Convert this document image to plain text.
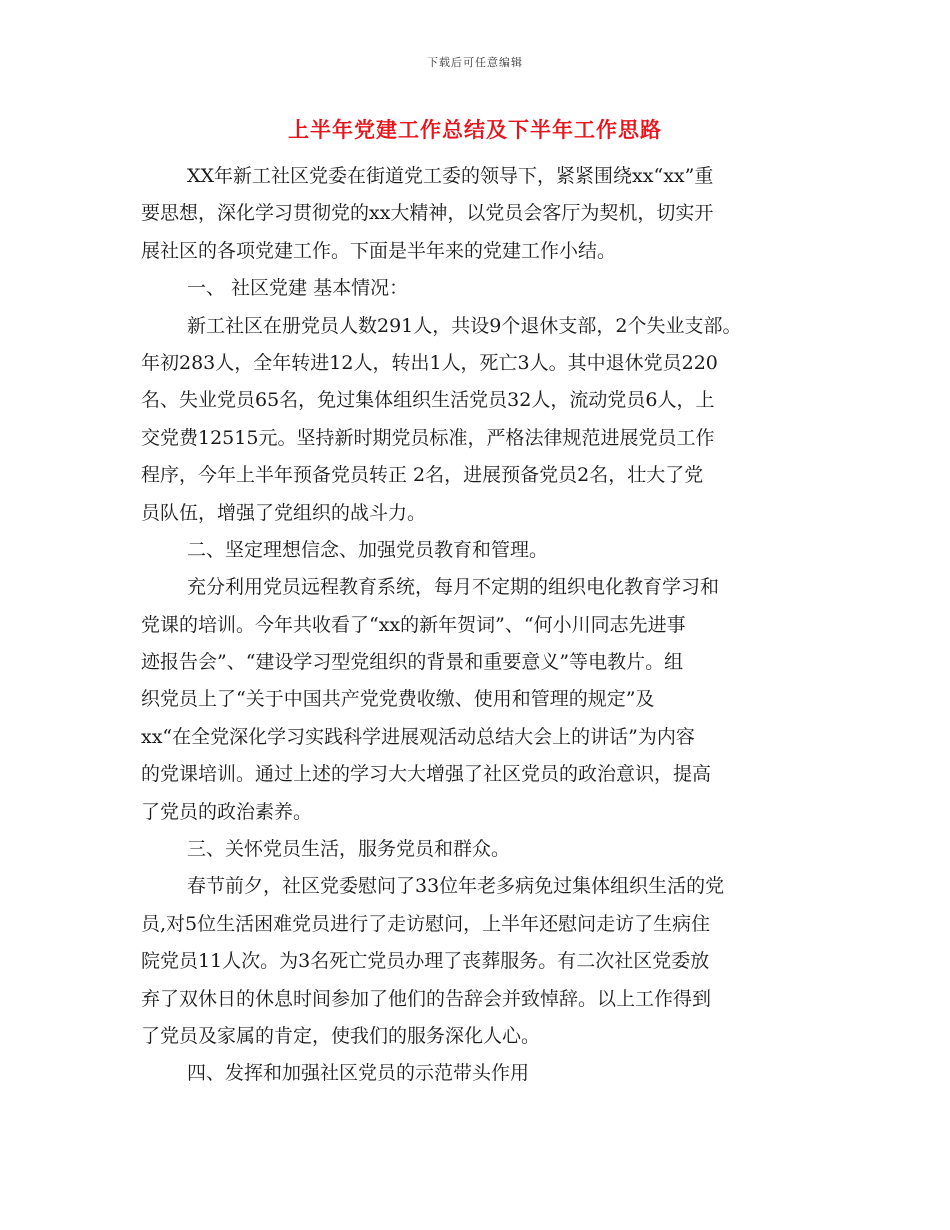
下载后可任意编辑
上半年党建工作总结及下半年工作思路
XX年新工社区党委在街道党工委的领导下，紧紧围绕xx“xx”重
要思想，深化学习贯彻党的xx大精神，以党员会客厅为契机，切实开
展社区的各项党建工作。下面是半年来的党建工作小结。
一、 社区党建 基本情况：
新工社区在册党员人数291人，共设9个退休支部，2个失业支部。
年初283人，全年转进12人，转出1人，死亡3人。其中退休党员220
名、失业党员65名，免过集体组织生活党员32人，流动党员6人，上
交党费12515元。坚持新时期党员标准，严格法律规范进展党员工作
程序，今年上半年预备党员转正 2名，进展预备党员2名，壮大了党
员队伍，增强了党组织的战斗力。
二、坚定理想信念、加强党员教育和管理。
充分利用党员远程教育系统，每月不定期的组织电化教育学习和
党课的培训。今年共收看了“xx的新年贺词”、“何小川同志先进事
迹报告会”、“建设学习型党组织的背景和重要意义”等电教片。组
织党员上了“关于中国共产党党费收缴、使用和管理的规定”及
xx“在全党深化学习实践科学进展观活动总结大会上的讲话”为内容
的党课培训。通过上述的学习大大增强了社区党员的政治意识，提高
了党员的政治素养。
三、关怀党员生活，服务党员和群众。
春节前夕，社区党委慰问了33位年老多病免过集体组织生活的党
员,对5位生活困难党员进行了走访慰问，上半年还慰问走访了生病住
院党员11人次。为3名死亡党员办理了丧葬服务。有二次社区党委放
弃了双休日的休息时间参加了他们的告辞会并致悼辞。以上工作得到
了党员及家属的肯定，使我们的服务深化人心。
四、发挥和加强社区党员的示范带头作用
